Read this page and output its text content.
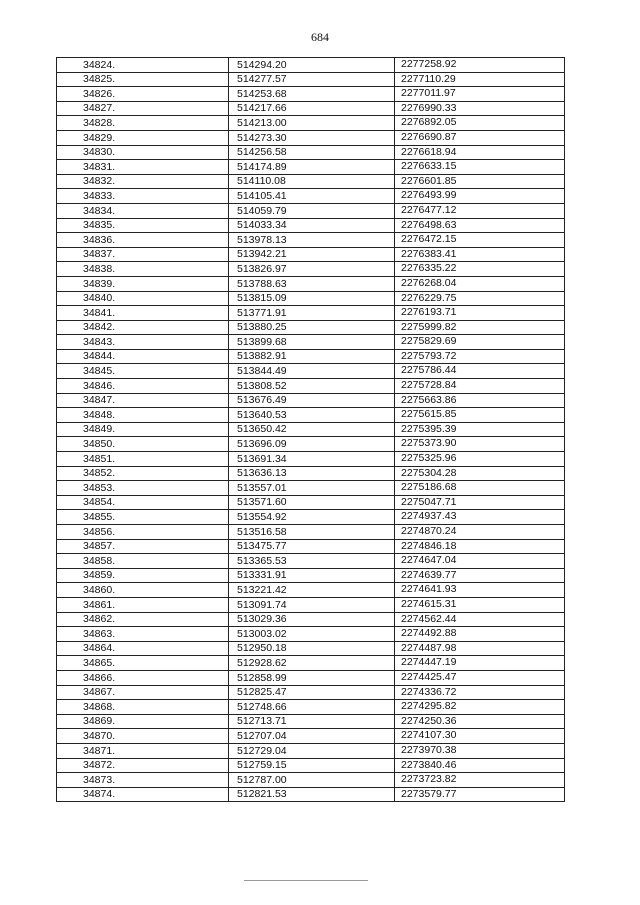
684
34824.	514294.20	2277258.92
34825.	514277.57	2277110.29
34826.	514253.68	2277011.97
34827.	514217.66	2276990.33
34828.	514213.00	2276892.05
34829.	514273.30	2276690.87
34830.	514256.58	2276618.94
34831.	514174.89	2276633.15
34832.	514110.08	2276601.85
34833.	514105.41	2276493.99
34834.	514059.79	2276477.12
34835.	514033.34	2276498.63
34836.	513978.13	2276472.15
34837.	513942.21	2276383.41
34838.	513826.97	2276335.22
34839.	513788.63	2276268.04
34840.	513815.09	2276229.75
34841.	513771.91	2276193.71
34842.	513880.25	2275999.82
34843.	513899.68	2275829.69
34844.	513882.91	2275793.72
34845.	513844.49	2275786.44
34846.	513808.52	2275728.84
34847.	513676.49	2275663.86
34848.	513640.53	2275615.85
34849.	513650.42	2275395.39
34850.	513696.09	2275373.90
34851.	513691.34	2275325.96
34852.	513636.13	2275304.28
34853.	513557.01	2275186.68
34854.	513571.60	2275047.71
34855.	513554.92	2274937.43
34856.	513516.58	2274870.24
34857.	513475.77	2274846.18
34858.	513365.53	2274647.04
34859.	513331.91	2274639.77
34860.	513221.42	2274641.93
34861.	513091.74	2274615.31
34862.	513029.36	2274562.44
34863.	513003.02	2274492.88
34864.	512950.18	2274487.98
34865.	512928.62	2274447.19
34866.	512858.99	2274425.47
34867.	512825.47	2274336.72
34868.	512748.66	2274295.82
34869.	512713.71	2274250.36
34870.	512707.04	2274107.30
34871.	512729.04	2273970.38
34872.	512759.15	2273840.46
34873.	512787.00	2273723.82
34874.	512821.53	2273579.77
